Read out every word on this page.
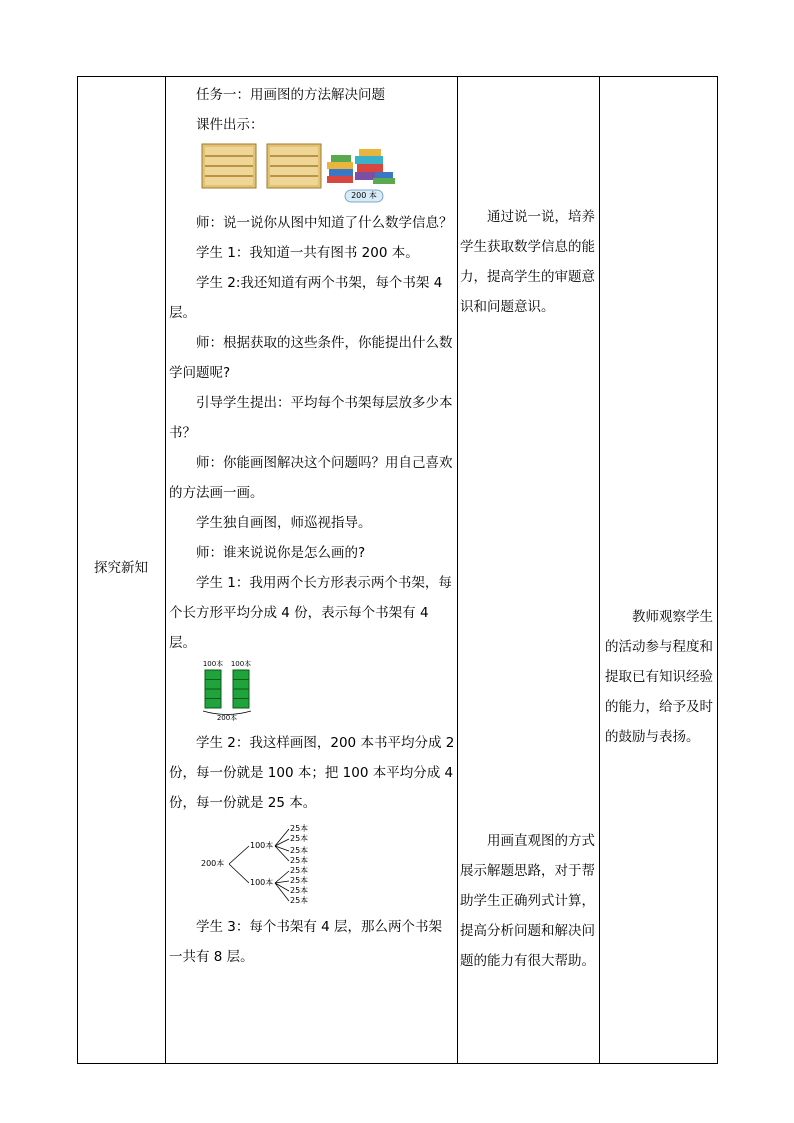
探究新知

任务一：用画图的方法解决问题

课件出示：

200 本

师：说一说你从图中知道了什么数学信息？

学生 1：我知道一共有图书 200 本。

学生 2:我还知道有两个书架，每个书架 4 层。

师：根据获取的这些条件，你能提出什么数学问题呢?

引导学生提出：平均每个书架每层放多少本书？

师：你能画图解决这个问题吗？用自己喜欢的方法画一画。

学生独自画图，师巡视指导。

师：谁来说说你是怎么画的?

学生 1：我用两个长方形表示两个书架，每个长方形平均分成 4 份，表示每个书架有 4 层。

100本 100本
200本

学生 2：我这样画图，200 本书平均分成 2 份，每一份就是 100 本；把 100 本平均分成 4 份，每一份就是 25 本。

200本
100本
100本
25本
25本
25本
25本
25本
25本
25本
25本

学生 3：每个书架有 4 层，那么两个书架一共有 8 层。

通过说一说，培养学生获取数学信息的能力，提高学生的审题意识和问题意识。

用画直观图的方式展示解题思路，对于帮助学生正确列式计算，提高分析问题和解决问题的能力有很大帮助。

教师观察学生的活动参与程度和提取已有知识经验的能力，给予及时的鼓励与表扬。
